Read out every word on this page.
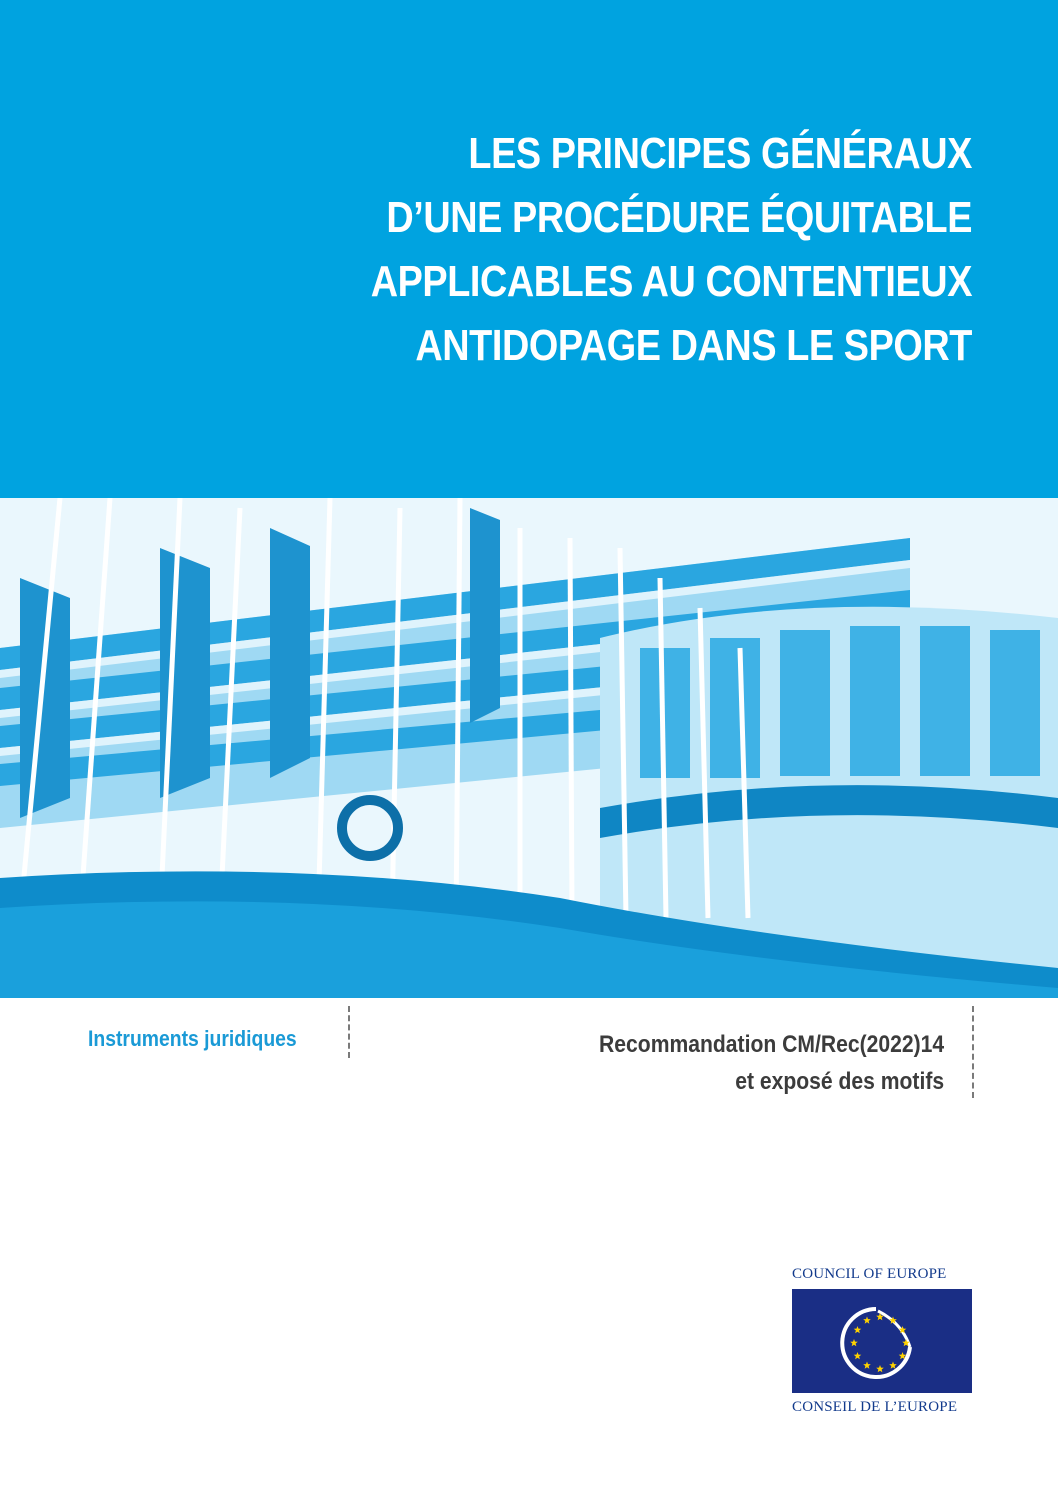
LES PRINCIPES GÉNÉRAUX
D’UNE PROCÉDURE ÉQUITABLE
APPLICABLES AU CONTENTIEUX
ANTIDOPAGE DANS LE SPORT
Instruments juridiques	Recommandation CM/Rec(2022)14
et exposé des motifs
COUNCIL OF EUROPE
CONSEIL DE L’EUROPE
